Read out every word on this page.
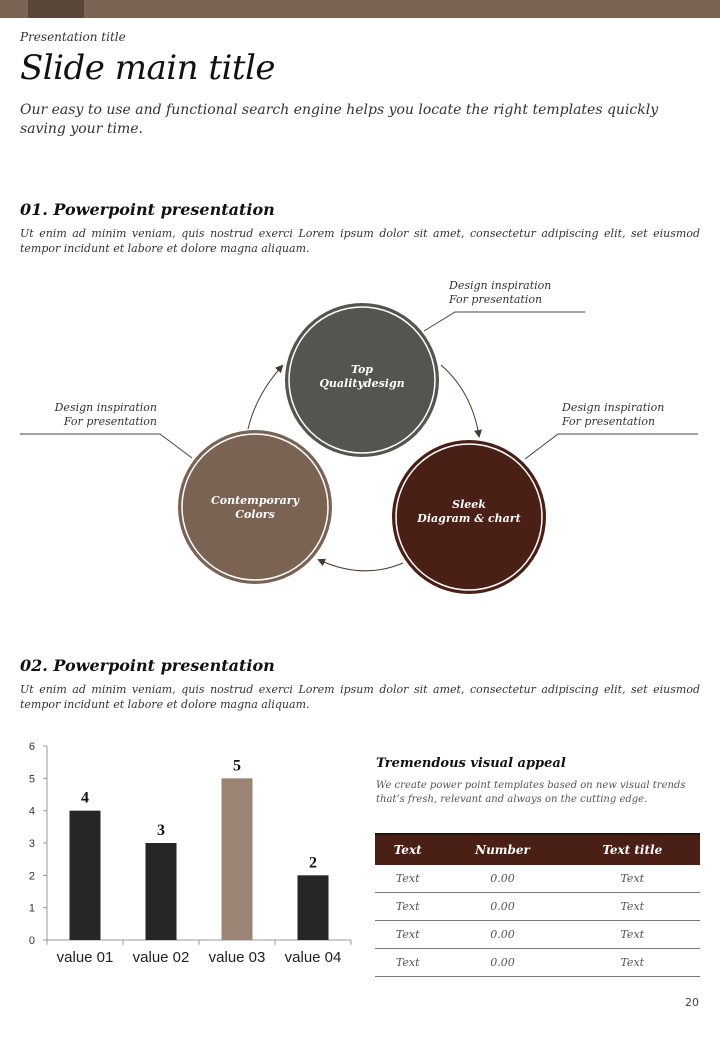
Presentation title
Slide main title
Our easy to use and functional search engine helps you locate the right templates quickly saving your time.
01. Powerpoint presentation
Ut enim ad minim veniam, quis nostrud exerci Lorem ipsum dolor sit amet, consectetur adipiscing elit, set eiusmod tempor incidunt et labore et dolore magna aliquam.
Design inspiration
For presentation
Design inspiration
For presentation
Design inspiration
For presentation
Top
Qualitydesign
Sleek
Diagram & chart
Contemporary
Colors
02. Powerpoint presentation
Ut enim ad minim veniam, quis nostrud exerci Lorem ipsum dolor sit amet, consectetur adipiscing elit, set eiusmod tempor incidunt et labore et dolore magna aliquam.
0
1
2
3
4
5
6
4
value 01
3
value 02
5
value 03
2
value 04
Tremendous visual appeal
We create power point templates based on new visual trends that’s fresh, relevant and always on the cutting edge.
Text	Number	Text title
Text	0.00	Text
Text	0.00	Text
Text	0.00	Text
Text	0.00	Text
20
